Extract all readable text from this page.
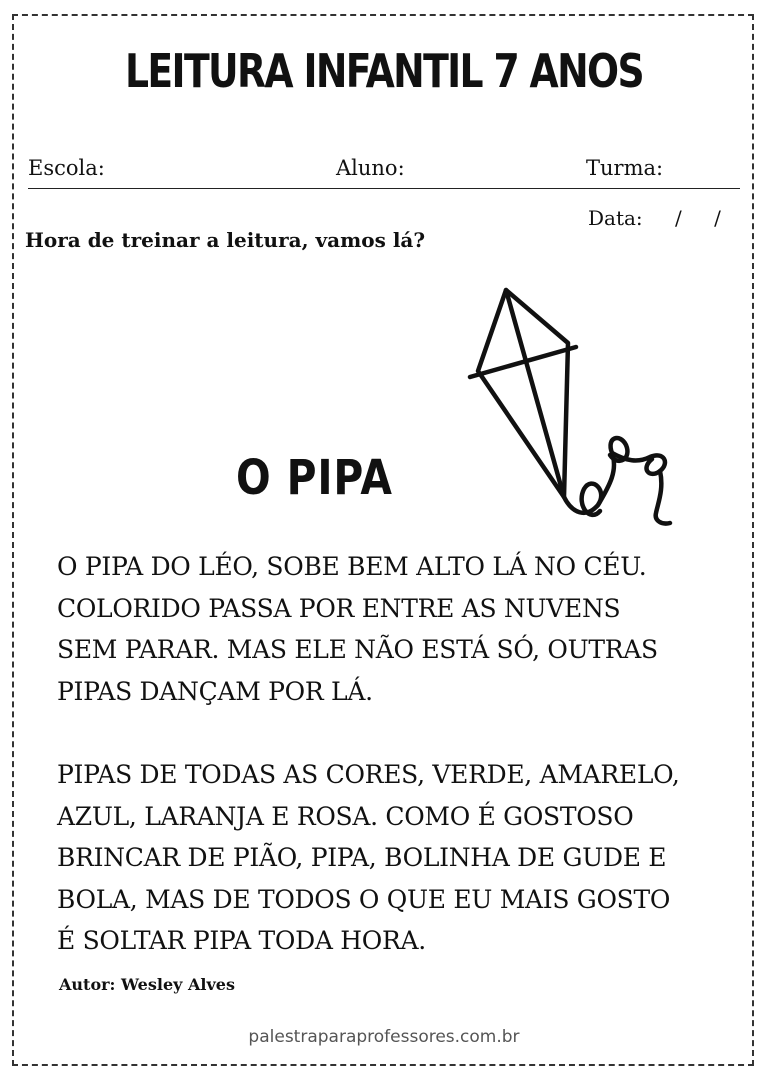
LEITURA INFANTIL 7 ANOS
Escola:	Aluno:	Turma:
Data: / /
Hora de treinar a leitura, vamos lá?
O PIPA

O PIPA DO LÉO, SOBE BEM ALTO LÁ NO CÉU.
COLORIDO PASSA POR ENTRE AS NUVENS
SEM PARAR. MAS ELE NÃO ESTÁ SÓ, OUTRAS
PIPAS DANÇAM POR LÁ.

PIPAS DE TODAS AS CORES, VERDE, AMARELO,
AZUL, LARANJA E ROSA. COMO É GOSTOSO
BRINCAR DE PIÃO, PIPA, BOLINHA DE GUDE E
BOLA, MAS DE TODOS O QUE EU MAIS GOSTO
É SOLTAR PIPA TODA HORA.

Autor: Wesley Alves
palestraparaprofessores.com.br
